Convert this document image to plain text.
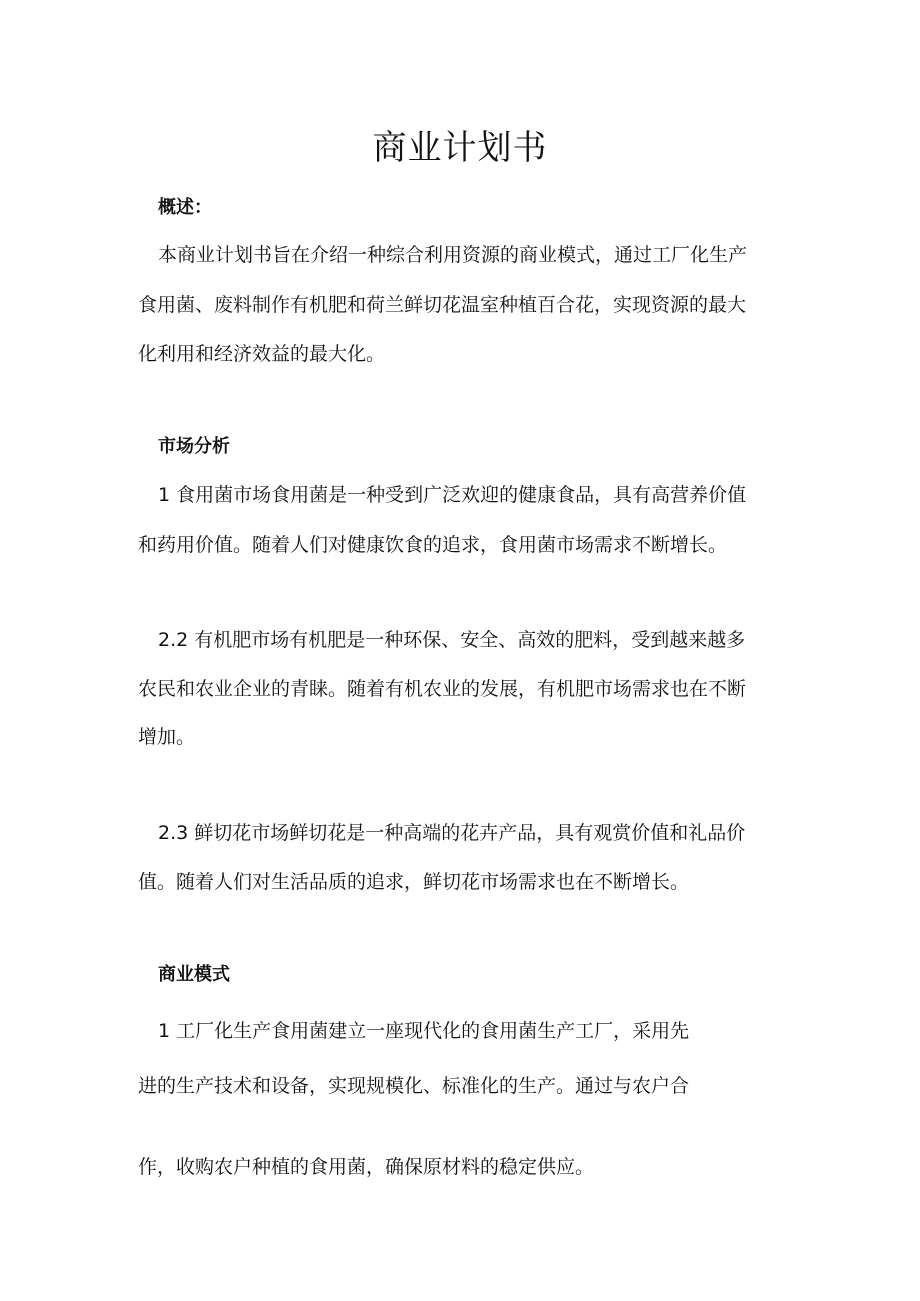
商业计划书
概述：
本商业计划书旨在介绍一种综合利用资源的商业模式，通过工厂化生产
食用菌、废料制作有机肥和荷兰鲜切花温室种植百合花，实现资源的最大
化利用和经济效益的最大化。
市场分析
1 食用菌市场食用菌是一种受到广泛欢迎的健康食品，具有高营养价值
和药用价值。随着人们对健康饮食的追求，食用菌市场需求不断增长。
2.2 有机肥市场有机肥是一种环保、安全、高效的肥料，受到越来越多
农民和农业企业的青睐。随着有机农业的发展，有机肥市场需求也在不断
增加。
2.3 鲜切花市场鲜切花是一种高端的花卉产品，具有观赏价值和礼品价
值。随着人们对生活品质的追求，鲜切花市场需求也在不断增长。
商业模式
1 工厂化生产食用菌建立一座现代化的食用菌生产工厂，采用先
进的生产技术和设备，实现规模化、标准化的生产。通过与农户合
作，收购农户种植的食用菌，确保原材料的稳定供应。
